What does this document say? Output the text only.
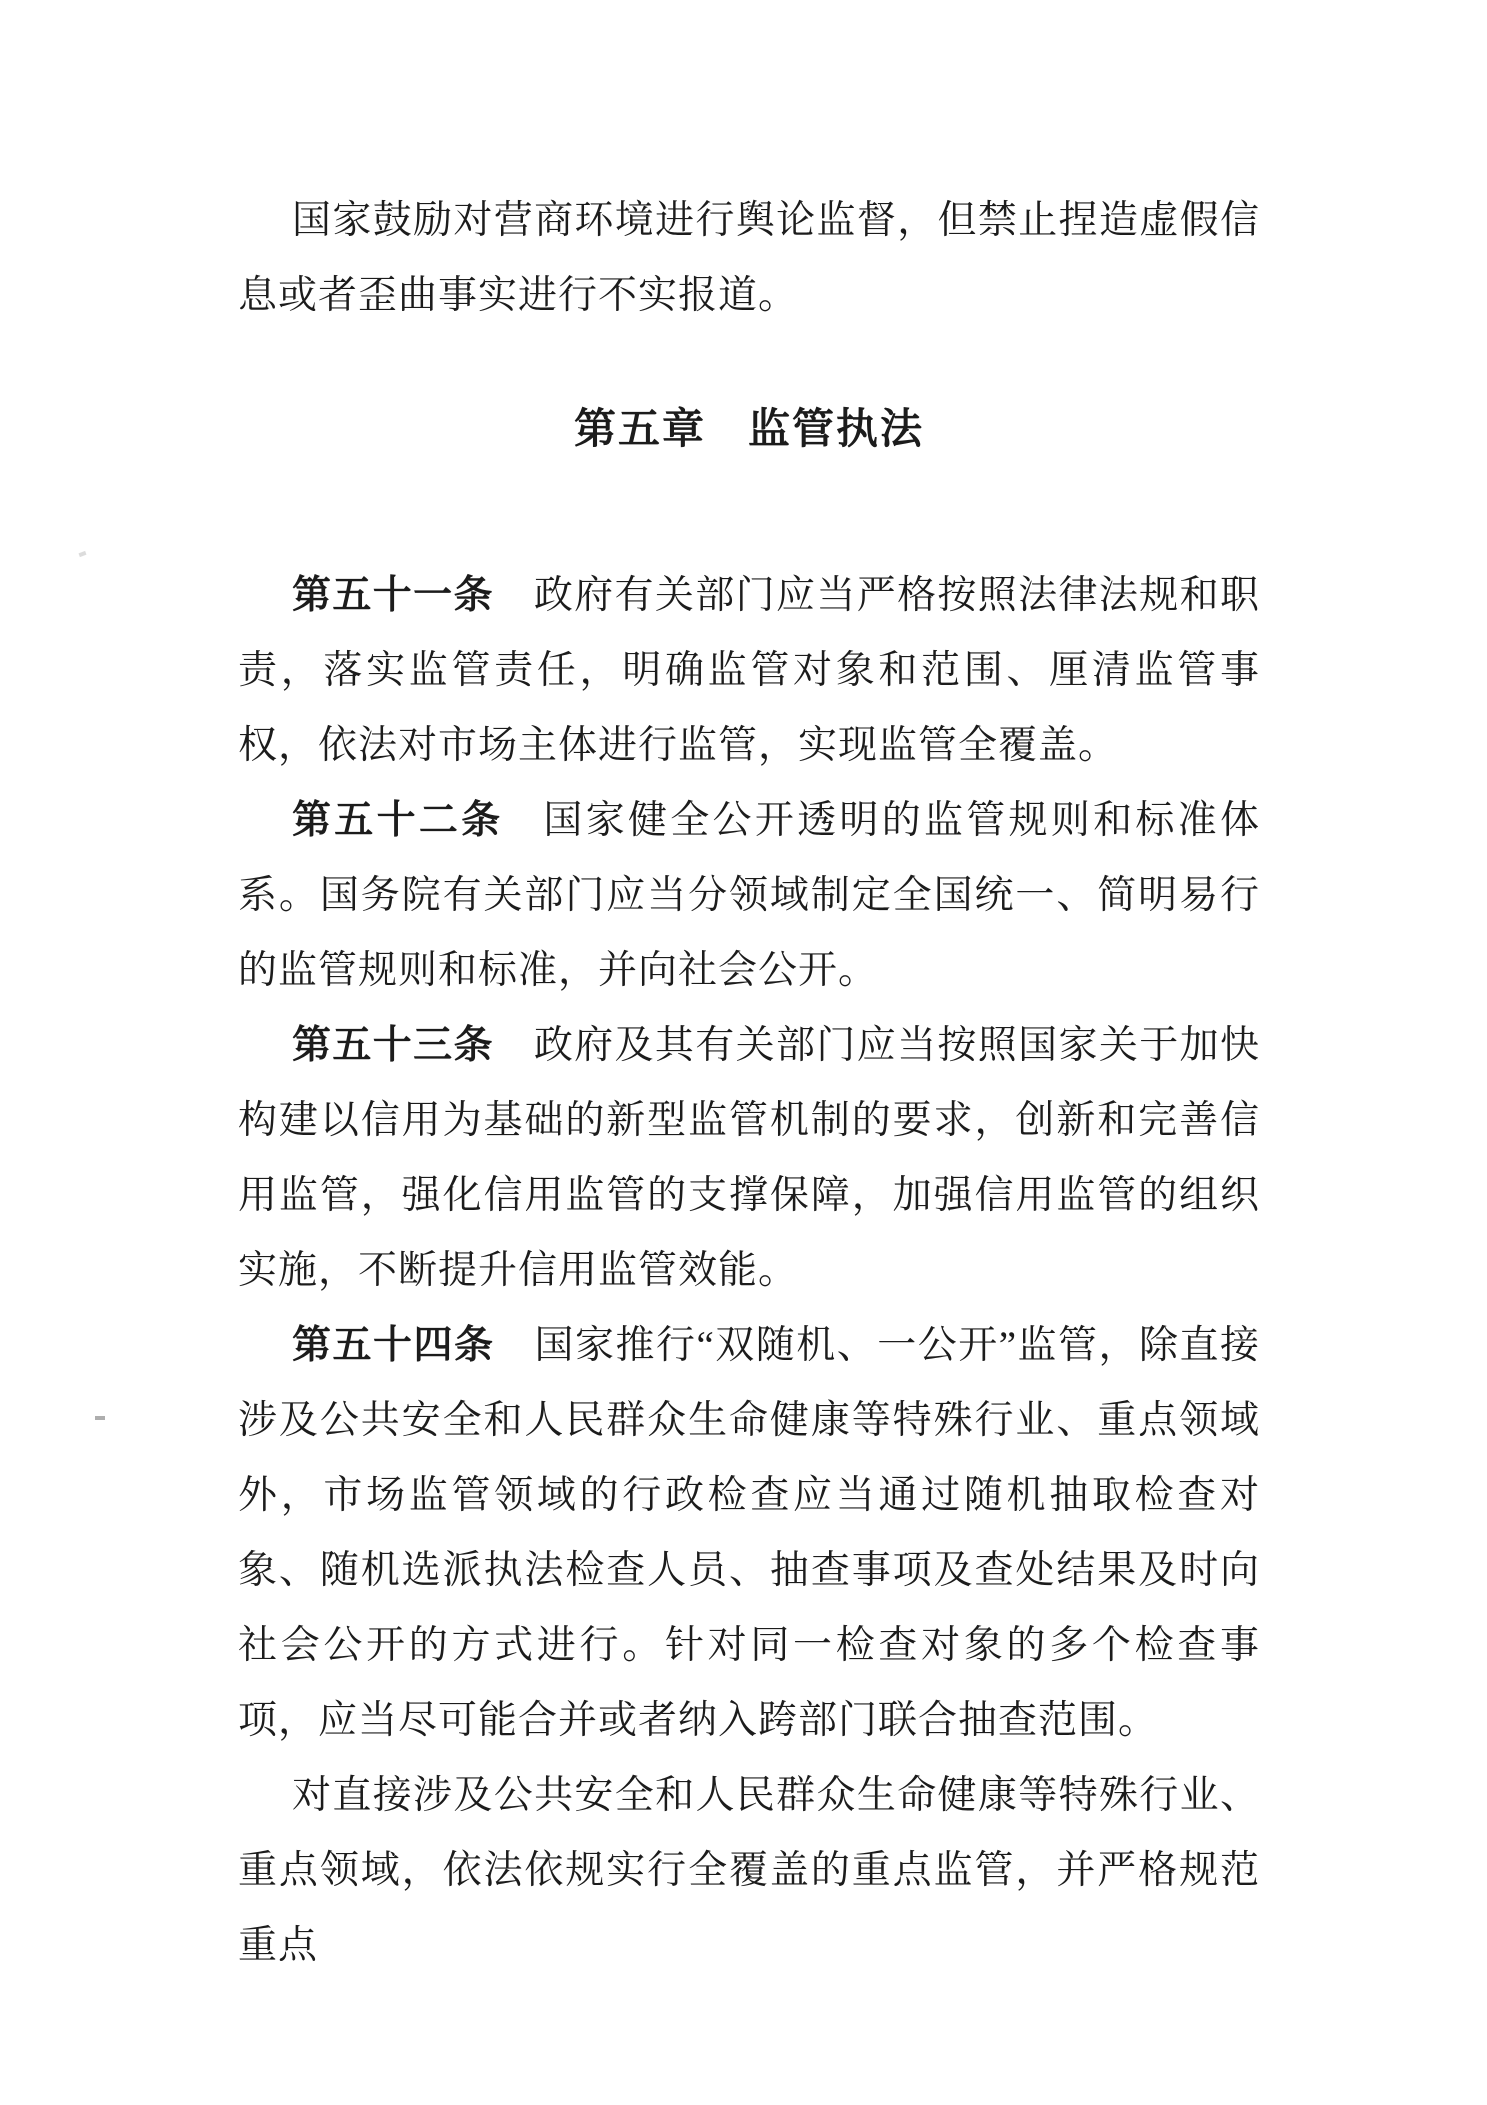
国家鼓励对营商环境进行舆论监督，但禁止捏造虚假信息或者歪曲事实进行不实报道。

第五章 监管执法

第五十一条 政府有关部门应当严格按照法律法规和职责，落实监管责任，明确监管对象和范围、厘清监管事权，依法对市场主体进行监管，实现监管全覆盖。

第五十二条 国家健全公开透明的监管规则和标准体系。国务院有关部门应当分领域制定全国统一、简明易行的监管规则和标准，并向社会公开。

第五十三条 政府及其有关部门应当按照国家关于加快构建以信用为基础的新型监管机制的要求，创新和完善信用监管，强化信用监管的支撑保障，加强信用监管的组织实施，不断提升信用监管效能。

第五十四条 国家推行“双随机、一公开”监管，除直接涉及公共安全和人民群众生命健康等特殊行业、重点领域外，市场监管领域的行政检查应当通过随机抽取检查对象、随机选派执法检查人员、抽查事项及查处结果及时向社会公开的方式进行。针对同一检查对象的多个检查事项，应当尽可能合并或者纳入跨部门联合抽查范围。

对直接涉及公共安全和人民群众生命健康等特殊行业、重点领域，依法依规实行全覆盖的重点监管，并严格规范重点
